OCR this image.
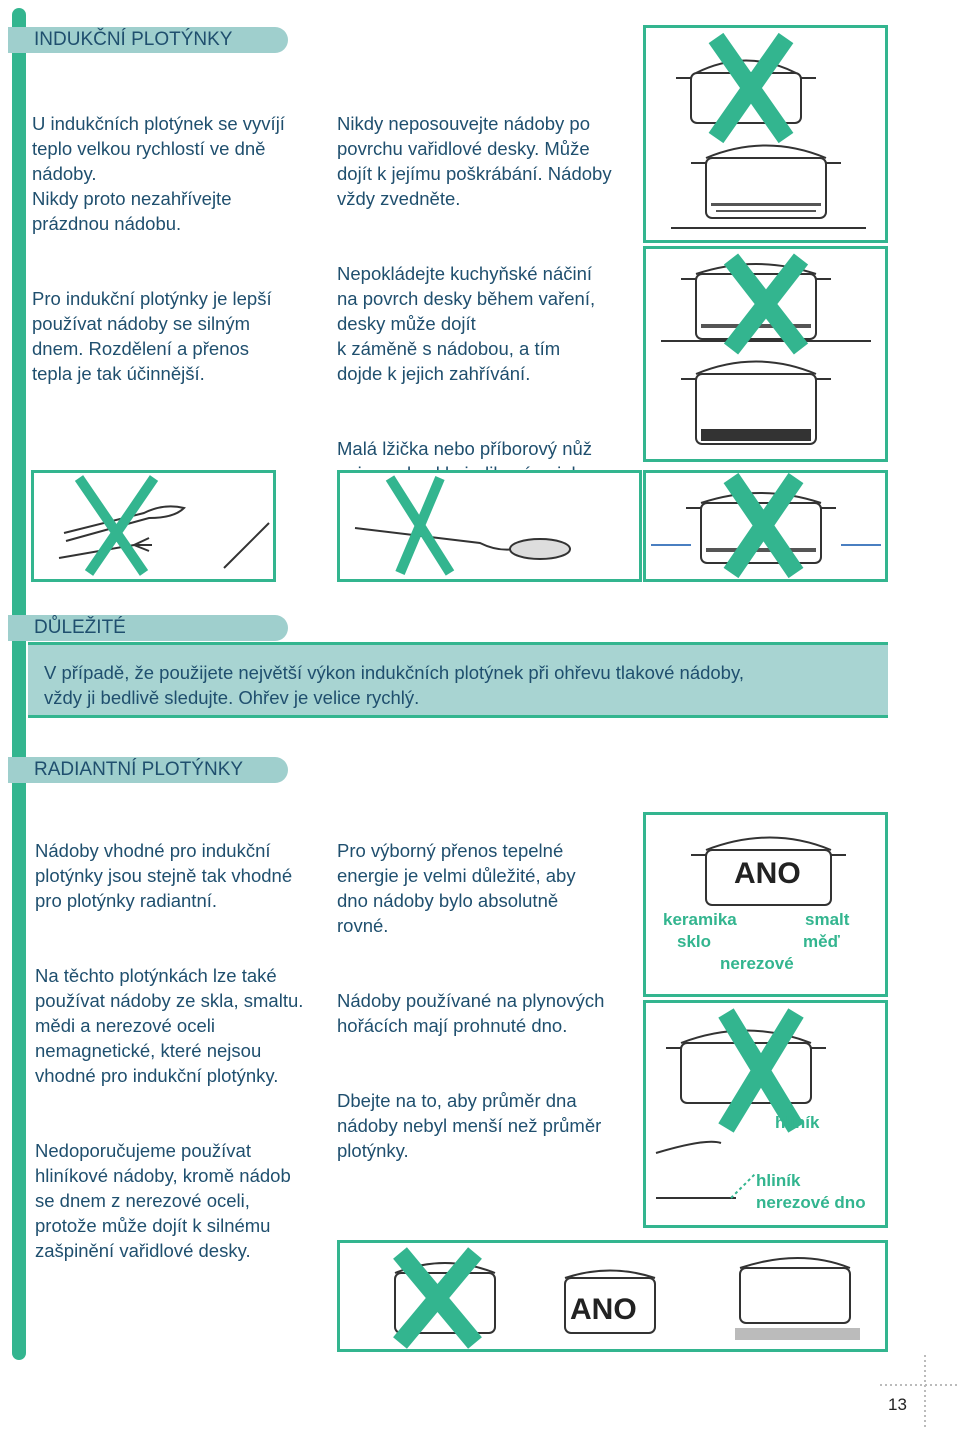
INDUKČNÍ PLOTÝNKY

U indukčních plotýnek se vyvíjí
teplo velkou rychlostí ve dně
nádoby.
Nikdy proto nezahřívejte
prázdnou nádobu.

Pro indukční plotýnky je lepší
používat nádoby se silným
dnem. Rozdělení a přenos
tepla je tak účinnější.

Nikdy neposouvejte nádoby po
povrchu vařidlové desky. Může
dojít k jejímu poškrábání. Nádoby
vždy zvedněte.

Nepokládejte kuchyňské náčiní
na povrch desky během vaření,
desky může dojít
k záměně s nádobou, a tím
dojde k jejich zahřívání.

Malá lžička nebo příborový nůž

DŮLEŽITÉ
V případě, že použijete největší výkon indukčních plotýnek při ohřevu tlakové nádoby,
vždy ji bedlivě sledujte. Ohřev je velice rychlý.
RADIANTNÍ PLOTÝNKY

Nádoby vhodné pro indukční
plotýnky jsou stejně tak vhodné
pro plotýnky radiantní.

Na těchto plotýnkách lze také
používat nádoby ze skla, smaltu.
mědi a nerezové oceli
nemagnetické, které nejsou
vhodné pro indukční plotýnky.

Nedoporučujeme používat
hliníkové nádoby, kromě nádob
se dnem z nerezové oceli,
protože může dojít k silnému
zašpinění vařidlové desky.

Pro výborný přenos tepelné
energie je velmi důležité, aby
dno nádoby bylo absolutně
rovné.

Nádoby používané na plynových
hořácích mají prohnuté dno.

Dbejte na to, aby průměr dna
nádoby nebyl menší než průměr
plotýnky.

ANO
keramika	smalt
sklo	měď
nerezové
hliník
hliník
nerezové dno
ANO
13
